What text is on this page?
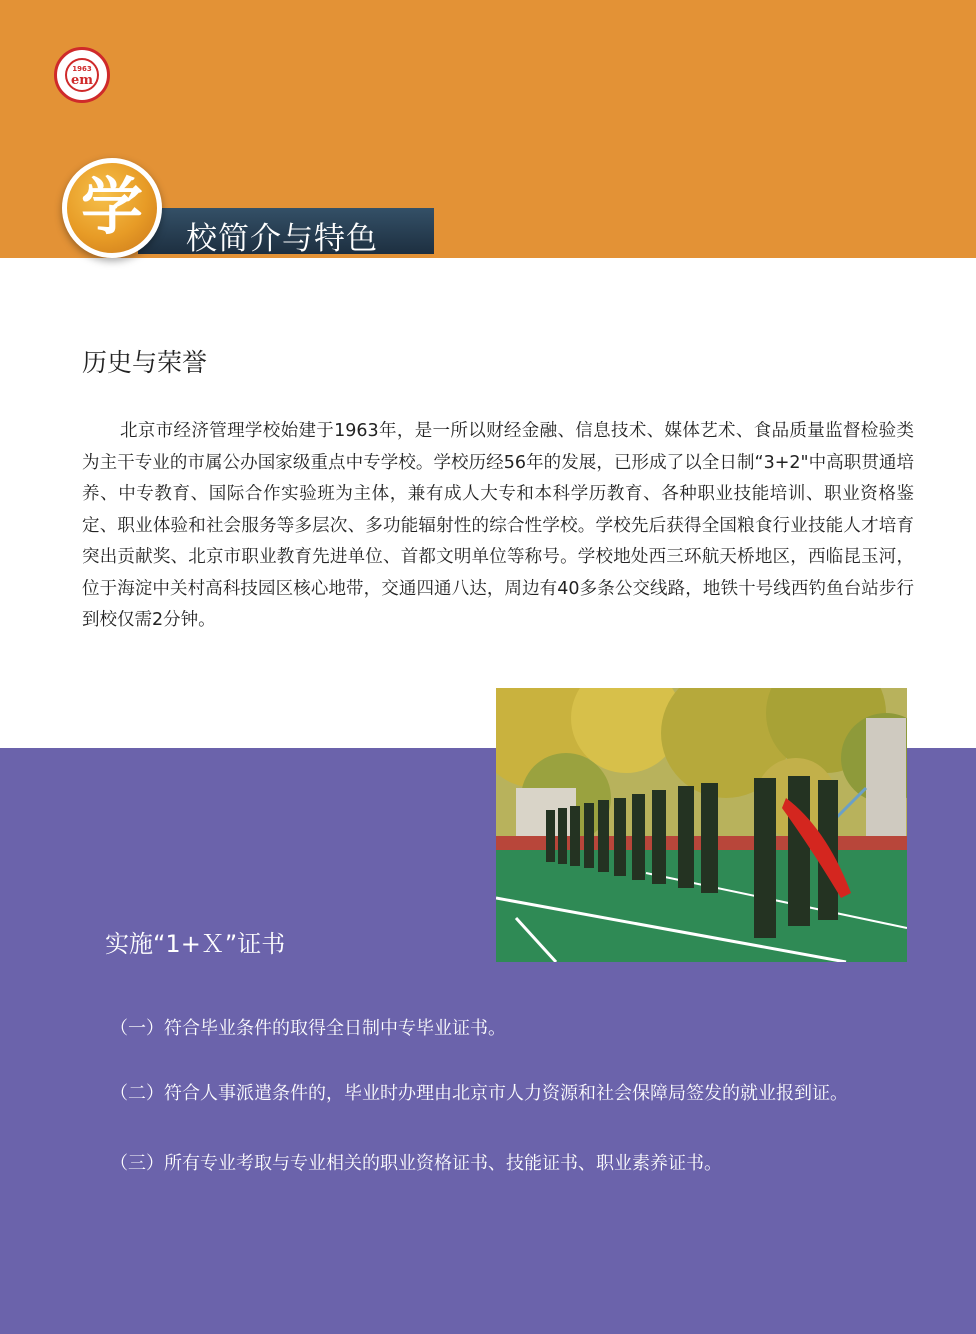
1963
em
校简介与特色
学
历史与荣誉

北京市经济管理学校始建于1963年，是一所以财经金融、信息技术、媒体艺术、食品质量监督检验类为主干专业的市属公办国家级重点中专学校。学校历经56年的发展，已形成了以全日制“3+2"中高职贯通培养、中专教育、国际合作实验班为主体，兼有成人大专和本科学历教育、各种职业技能培训、职业资格鉴定、职业体验和社会服务等多层次、多功能辐射性的综合性学校。学校先后获得全国粮食行业技能人才培育突出贡献奖、北京市职业教育先进单位、首都文明单位等称号。学校地处西三环航天桥地区，西临昆玉河，位于海淀中关村高科技园区核心地带，交通四通八达，周边有40多条公交线路，地铁十号线西钓鱼台站步行到校仅需2分钟。

实施“1+Ｘ”证书
（一）符合毕业条件的取得全日制中专毕业证书。
（二）符合人事派遣条件的，毕业时办理由北京市人力资源和社会保障局签发的就业报到证。
（三）所有专业考取与专业相关的职业资格证书、技能证书、职业素养证书。
